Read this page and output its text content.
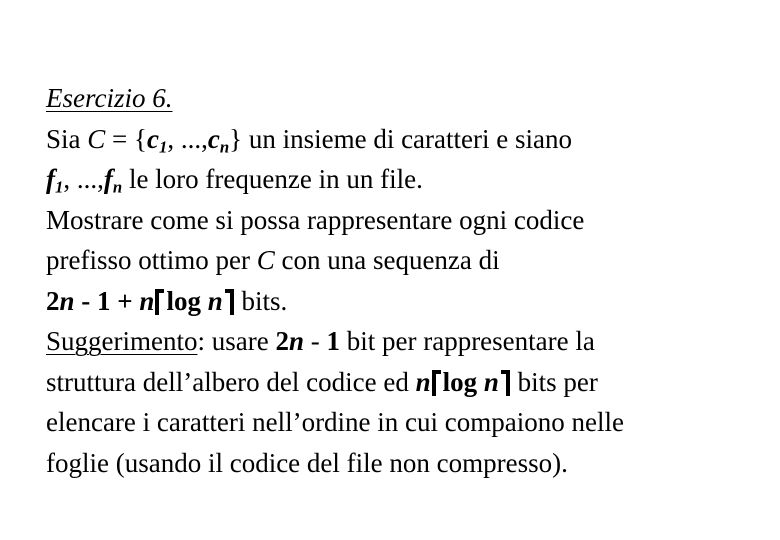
Esercizio 6.
Sia $C = \{c_1$, $...,c_n$} un insieme di caratteri e siano
$f_1$, $...,f_n$ le loro frequenze in un file.
Mostrare come si possa rappresentare ogni codice
prefisso ottimo per C con una sequenza di
2n - 1 + n log n bits.
Suggerimento: usare 2n - 1 bit per rappresentare la
struttura dell’albero del codice ed n log n bits per
elencare i caratteri nell’ordine in cui compaiono nelle
foglie (usando il codice del file non compresso).
